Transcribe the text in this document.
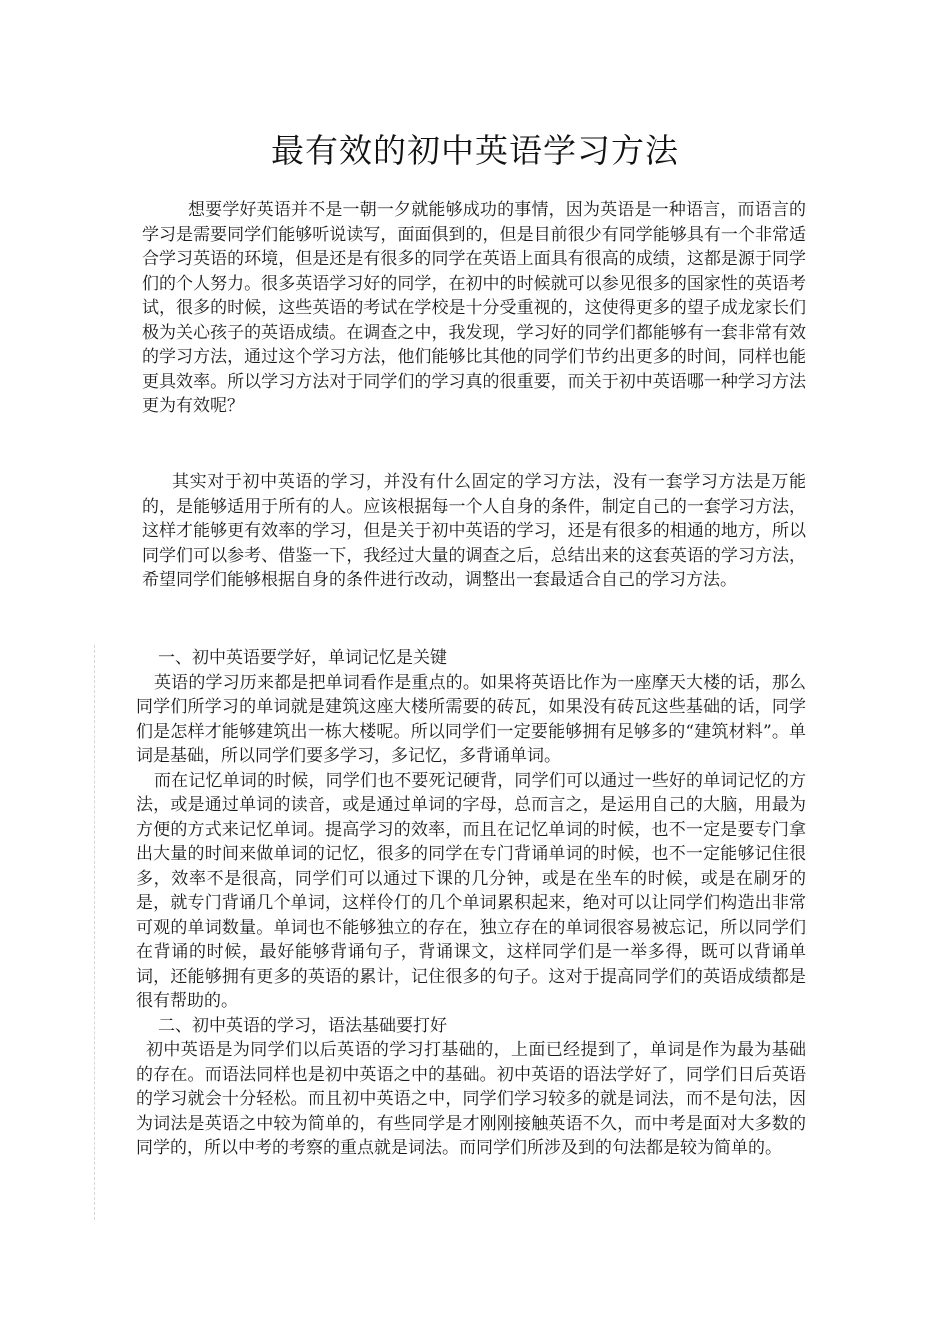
最有效的初中英语学习方法

想要学好英语并不是一朝一夕就能够成功的事情，因为英语是一种语言，而语言的学习是需要同学们能够听说读写，面面俱到的，但是目前很少有同学能够具有一个非常适合学习英语的环境，但是还是有很多的同学在英语上面具有很高的成绩，这都是源于同学们的个人努力。很多英语学习好的同学，在初中的时候就可以参见很多的国家性的英语考试，很多的时候，这些英语的考试在学校是十分受重视的，这使得更多的望子成龙家长们极为关心孩子的英语成绩。在调查之中，我发现，学习好的同学们都能够有一套非常有效的学习方法，通过这个学习方法，他们能够比其他的同学们节约出更多的时间，同样也能更具效率。所以学习方法对于同学们的学习真的很重要，而关于初中英语哪一种学习方法更为有效呢？

其实对于初中英语的学习，并没有什么固定的学习方法，没有一套学习方法是万能的，是能够适用于所有的人。应该根据每一个人自身的条件，制定自己的一套学习方法，这样才能够更有效率的学习，但是关于初中英语的学习，还是有很多的相通的地方，所以同学们可以参考、借鉴一下，我经过大量的调查之后，总结出来的这套英语的学习方法，希望同学们能够根据自身的条件进行改动，调整出一套最适合自己的学习方法。

一、初中英语要学好，单词记忆是关键

英语的学习历来都是把单词看作是重点的。如果将英语比作为一座摩天大楼的话，那么同学们所学习的单词就是建筑这座大楼所需要的砖瓦，如果没有砖瓦这些基础的话，同学们是怎样才能够建筑出一栋大楼呢。所以同学们一定要能够拥有足够多的“建筑材料”。单词是基础，所以同学们要多学习，多记忆，多背诵单词。

而在记忆单词的时候，同学们也不要死记硬背，同学们可以通过一些好的单词记忆的方法，或是通过单词的读音，或是通过单词的字母，总而言之，是运用自己的大脑，用最为方便的方式来记忆单词。提高学习的效率，而且在记忆单词的时候，也不一定是要专门拿出大量的时间来做单词的记忆，很多的同学在专门背诵单词的时候，也不一定能够记住很多，效率不是很高，同学们可以通过下课的几分钟，或是在坐车的时候，或是在刷牙的是，就专门背诵几个单词，这样伶仃的几个单词累积起来，绝对可以让同学们构造出非常可观的单词数量。单词也不能够独立的存在，独立存在的单词很容易被忘记，所以同学们在背诵的时候，最好能够背诵句子，背诵课文，这样同学们是一举多得，既可以背诵单词，还能够拥有更多的英语的累计，记住很多的句子。这对于提高同学们的英语成绩都是很有帮助的。

二、初中英语的学习，语法基础要打好

初中英语是为同学们以后英语的学习打基础的，上面已经提到了，单词是作为最为基础的存在。而语法同样也是初中英语之中的基础。初中英语的语法学好了，同学们日后英语的学习就会十分轻松。而且初中英语之中，同学们学习较多的就是词法，而不是句法，因为词法是英语之中较为简单的，有些同学是才刚刚接触英语不久，而中考是面对大多数的同学的，所以中考的考察的重点就是词法。而同学们所涉及到的句法都是较为简单的。
